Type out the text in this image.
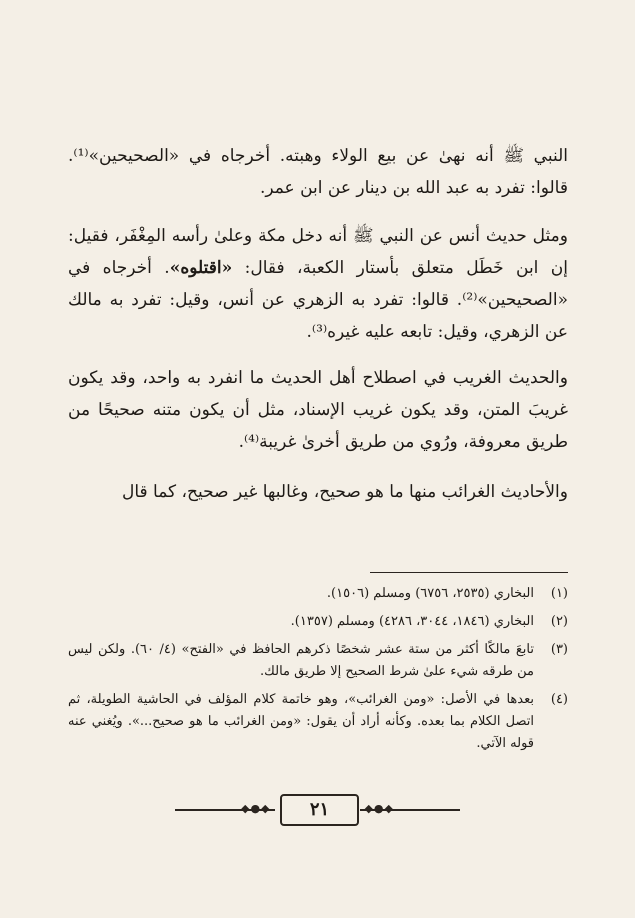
النبي ﷺ أنه نهىٰ عن بيع الولاء وهبته. أخرجاه في «الصحيحين»⁽¹⁾. قالوا: تفرد به عبد الله بن دينار عن ابن عمر.

ومثل حديث أنس عن النبي ﷺ أنه دخل مكة وعلىٰ رأسه المِغْفَر، فقيل: إن ابن خَطَل متعلق بأستار الكعبة، فقال: «اقتلوه». أخرجاه في «الصحيحين»⁽²⁾. قالوا: تفرد به الزهري عن أنس، وقيل: تفرد به مالك عن الزهري، وقيل: تابعه عليه غيره⁽³⁾.

والحديث الغريب في اصطلاح أهل الحديث ما انفرد به واحد، وقد يكون غريبَ المتن، وقد يكون غريب الإسناد، مثل أن يكون متنه صحيحًا من طريق معروفة، ورُوي من طريق أخرىٰ غريبة⁽⁴⁾.

والأحاديث الغرائب منها ما هو صحيح، وغالبها غير صحيح، كما قال

(١)
البخاري (٢٥٣٥، ٦٧٥٦) ومسلم (١٥٠٦).
(٢)
البخاري (١٨٤٦، ٣٠٤٤، ٤٢٨٦) ومسلم (١٣٥٧).
(٣)
تابعَ مالكًا أكثر من ستة عشر شخصًا ذكرهم الحافظ في «الفتح» (٤/ ٦٠). ولكن ليس من طرقه شيء علىٰ شرط الصحيح إلا طريق مالك.
(٤)
بعدها في الأصل: «ومن الغرائب»، وهو خاتمة كلام المؤلف في الحاشية الطويلة، ثم اتصل الكلام بما بعده. وكأنه أراد أن يقول: «ومن الغرائب ما هو صحيح...». ويُغني عنه قوله الآتي.
◆●◆	◆●◆
٢١
